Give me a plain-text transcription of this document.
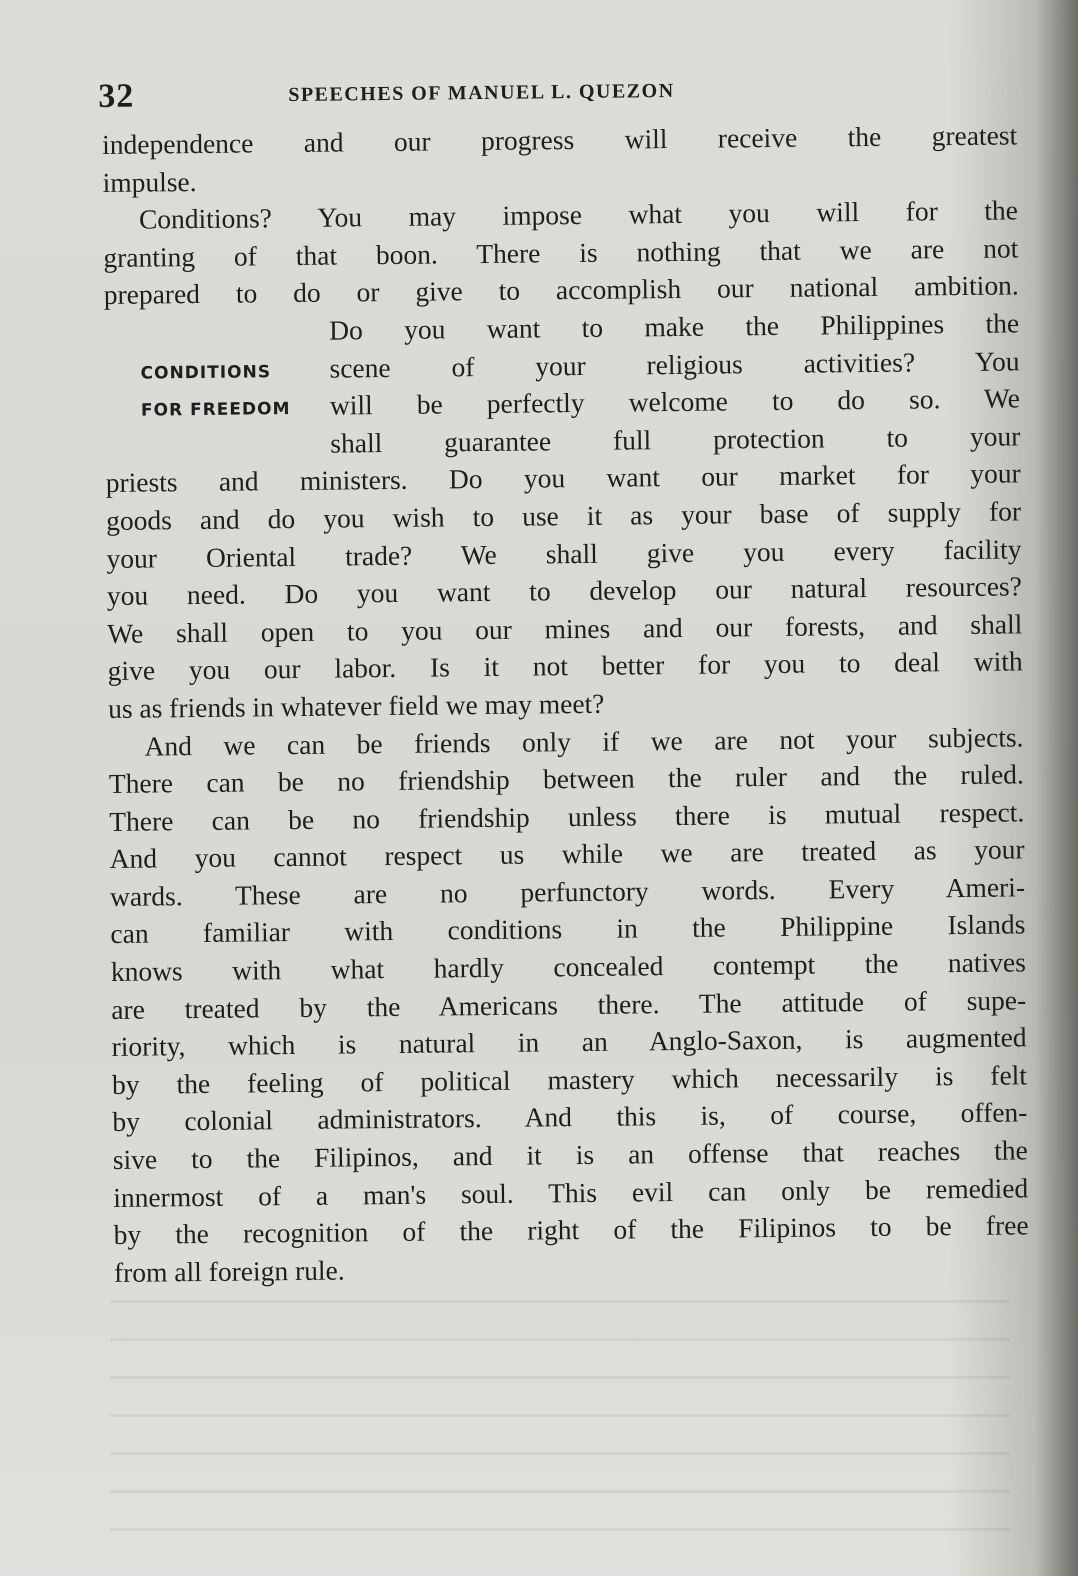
32	SPEECHES OF MANUEL L. QUEZON
independence and our progress will receive the greatest
impulse.
Conditions? You may impose what you will for the
granting of that boon. There is nothing that we are not
prepared to do or give to accomplish our national ambition.
Do you want to make the Philippines the
CONDITIONS scene of your religious activities? You
FOR FREEDOM will be perfectly welcome to do so. We
shall guarantee full protection to your
priests and ministers. Do you want our market for your
goods and do you wish to use it as your base of supply for
your Oriental trade? We shall give you every facility
you need. Do you want to develop our natural resources?
We shall open to you our mines and our forests, and shall
give you our labor. Is it not better for you to deal with
us as friends in whatever field we may meet?
And we can be friends only if we are not your subjects.
There can be no friendship between the ruler and the ruled.
There can be no friendship unless there is mutual respect.
And you cannot respect us while we are treated as your
wards. These are no perfunctory words. Every Ameri-
can familiar with conditions in the Philippine Islands
knows with what hardly concealed contempt the natives
are treated by the Americans there. The attitude of supe-
riority, which is natural in an Anglo-Saxon, is augmented
by the feeling of political mastery which necessarily is felt
by colonial administrators. And this is, of course, offen-
sive to the Filipinos, and it is an offense that reaches the
innermost of a man's soul. This evil can only be remedied
by the recognition of the right of the Filipinos to be free
from all foreign rule.
